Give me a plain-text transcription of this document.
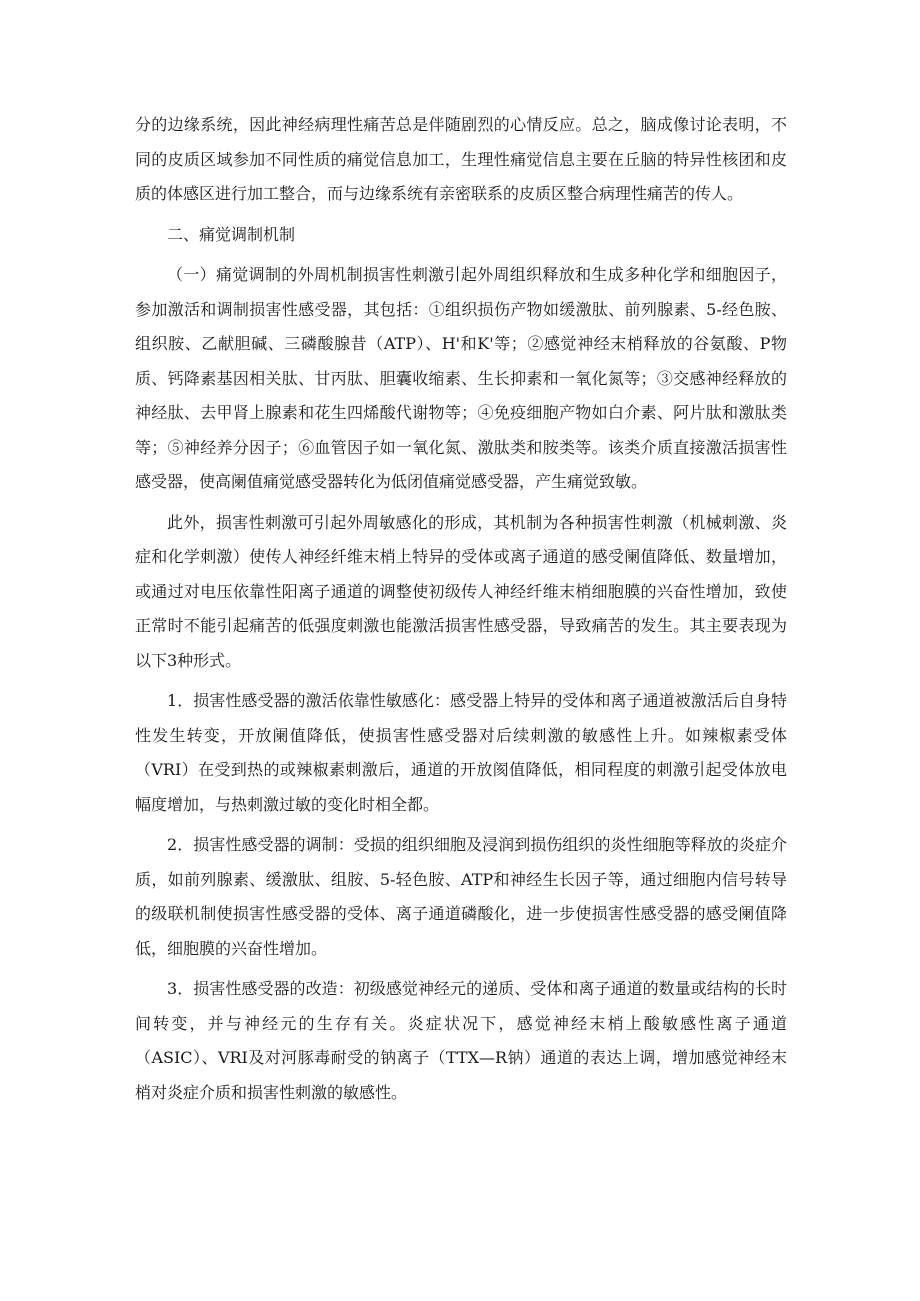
分的边缘系统，因此神经病理性痛苦总是伴随剧烈的心情反应。总之，脑成像讨论表明，不同的皮质区域参加不同性质的痛觉信息加工，生理性痛觉信息主要在丘脑的特异性核团和皮质的体感区进行加工整合，而与边缘系统有亲密联系的皮质区整合病理性痛苦的传人。

二、痛觉调制机制

（一）痛觉调制的外周机制损害性刺激引起外周组织释放和生成多种化学和细胞因子，参加激活和调制损害性感受器，其包括：①组织损伤产物如缓激肽、前列腺素、5-经色胺、组织胺、乙献胆碱、三磷酸腺昔（ATP）、H'和K'等；②感觉神经末梢释放的谷氨酸、P物质、钙降素基因相关肽、甘丙肽、胆囊收缩素、生长抑素和一氧化氮等；③交感神经释放的神经肽、去甲肾上腺素和花生四烯酸代谢物等；④免疫细胞产物如白介素、阿片肽和激肽类等；⑤神经养分因子；⑥血管因子如一氧化氮、激肽类和胺类等。该类介质直接激活损害性感受器，使高阑值痛觉感受器转化为低闭值痛觉感受器，产生痛觉致敏。

此外，损害性刺激可引起外周敏感化的形成，其机制为各种损害性刺激（机械刺激、炎症和化学刺激）使传人神经纤维末梢上特异的受体或离子通道的感受阑值降低、数量增加，或通过对电压依靠性阳离子通道的调整使初级传人神经纤维末梢细胞膜的兴奋性增加，致使正常时不能引起痛苦的低强度刺激也能激活损害性感受器，导致痛苦的发生。其主要表现为以下3种形式。

1．损害性感受器的激活依靠性敏感化：感受器上特异的受体和离子通道被激活后自身特性发生转变，开放阑值降低，使损害性感受器对后续刺激的敏感性上升。如辣椒素受体（VRI）在受到热的或辣椒素刺激后，通道的开放阂值降低，相同程度的刺激引起受体放电幅度增加，与热刺激过敏的变化时相全都。

2．损害性感受器的调制：受损的组织细胞及浸润到损伤组织的炎性细胞等释放的炎症介质，如前列腺素、缓激肽、组胺、5-轻色胺、ATP和神经生长因子等，通过细胞内信号转导的级联机制使损害性感受器的受体、离子通道磷酸化，进一步使损害性感受器的感受阑值降低，细胞膜的兴奋性增加。

3．损害性感受器的改造：初级感觉神经元的递质、受体和离子通道的数量或结构的长时间转变，并与神经元的生存有关。炎症状况下，感觉神经末梢上酸敏感性离子通道（ASIC）、VRI及对河豚毒耐受的钠离子（TTX—R钠）通道的表达上调，增加感觉神经末梢对炎症介质和损害性刺激的敏感性。
